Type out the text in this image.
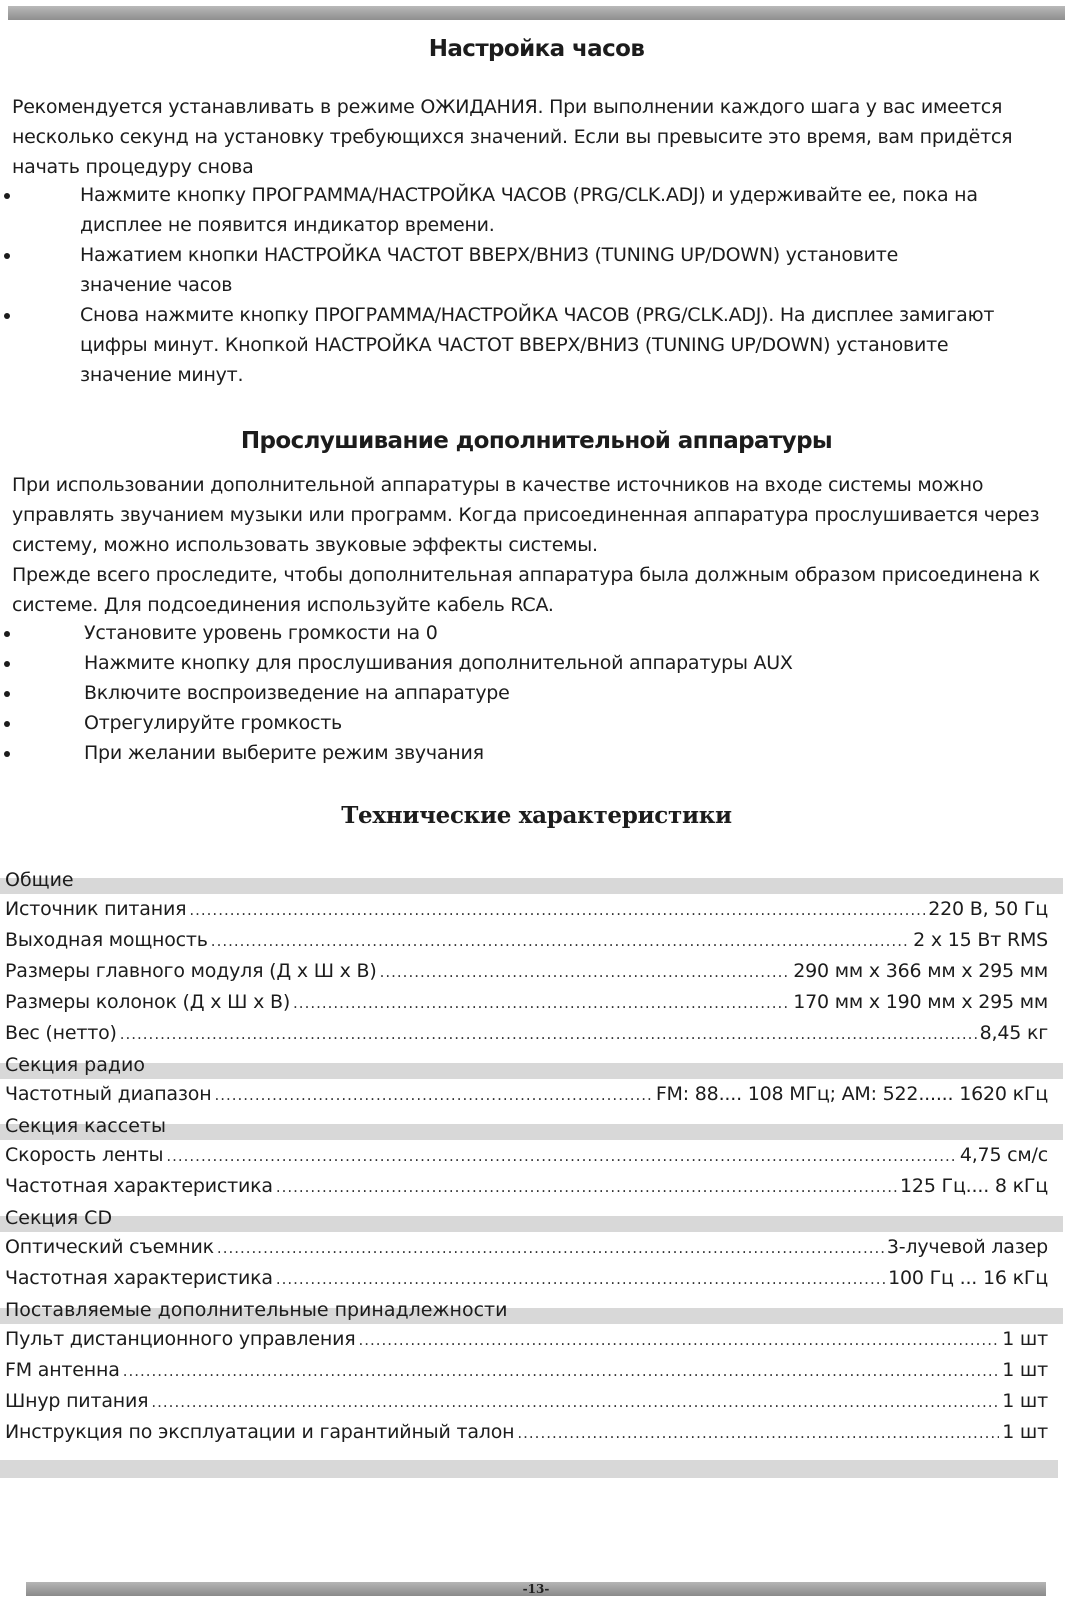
Настройка часов
Рекомендуется устанавливать в режиме ОЖИДАНИЯ. При выполнении каждого шага у вас имеется несколько секунд на установку требующихся значений. Если вы превысите это время, вам придётся начать процедуру снова
Нажмите кнопку ПРОГРАММА/НАСТРОЙКА ЧАСОВ (PRG/CLK.ADJ) и удерживайте ее, пока на дисплее не появится индикатор времени.
Нажатием кнопки НАСТРОЙКА ЧАСТОТ ВВЕРХ/ВНИЗ (TUNING UP/DOWN) установите значение часов
Снова нажмите кнопку ПРОГРАММА/НАСТРОЙКА ЧАСОВ (PRG/CLK.ADJ). На дисплее замигают цифры минут. Кнопкой НАСТРОЙКА ЧАСТОТ ВВЕРХ/ВНИЗ (TUNING UP/DOWN) установите значение минут.
Прослушивание дополнительной аппаратуры
При использовании дополнительной аппаратуры в качестве источников на входе системы можно управлять звучанием музыки или программ. Когда присоединенная аппаратура прослушивается через систему, можно использовать звуковые эффекты системы.
Прежде всего проследите, чтобы дополнительная аппаратура была должным образом присоединена к системе. Для подсоединения используйте кабель RCA.
Установите уровень громкости на 0
Нажмите кнопку для прослушивания дополнительной аппаратуры AUX
Включите воспроизведение на аппаратуре
Отрегулируйте громкость
При желании выберите режим звучания
Технические характеристики
Общие
Источник питания .....	220 В, 50 Гц
Выходная мощность .....	2 x 15 Вт RMS
Размеры главного модуля (Д x Ш x В) .....	290 мм x 366 мм x 295 мм
Размеры колонок (Д x Ш x В) .....	170 мм x 190 мм x 295 мм
Вес (нетто) .....	8,45 кг
Секция радио
Частотный диапазон .....	FM: 88.... 108 МГц; AM: 522...... 1620 кГц
Секция кассеты
Скорость ленты .....	4,75 см/с
Частотная характеристика .....	125 Гц.... 8 кГц
Секция CD
Оптический съемник .....	3-лучевой лазер
Частотная характеристика .....	100 Гц ... 16 кГц
Поставляемые дополнительные принадлежности
Пульт дистанционного управления .....	1 шт
FM антенна .....	1 шт
Шнур питания .....	1 шт
Инструкция по эксплуатации и гарантийный талон .....	1 шт
-13-
